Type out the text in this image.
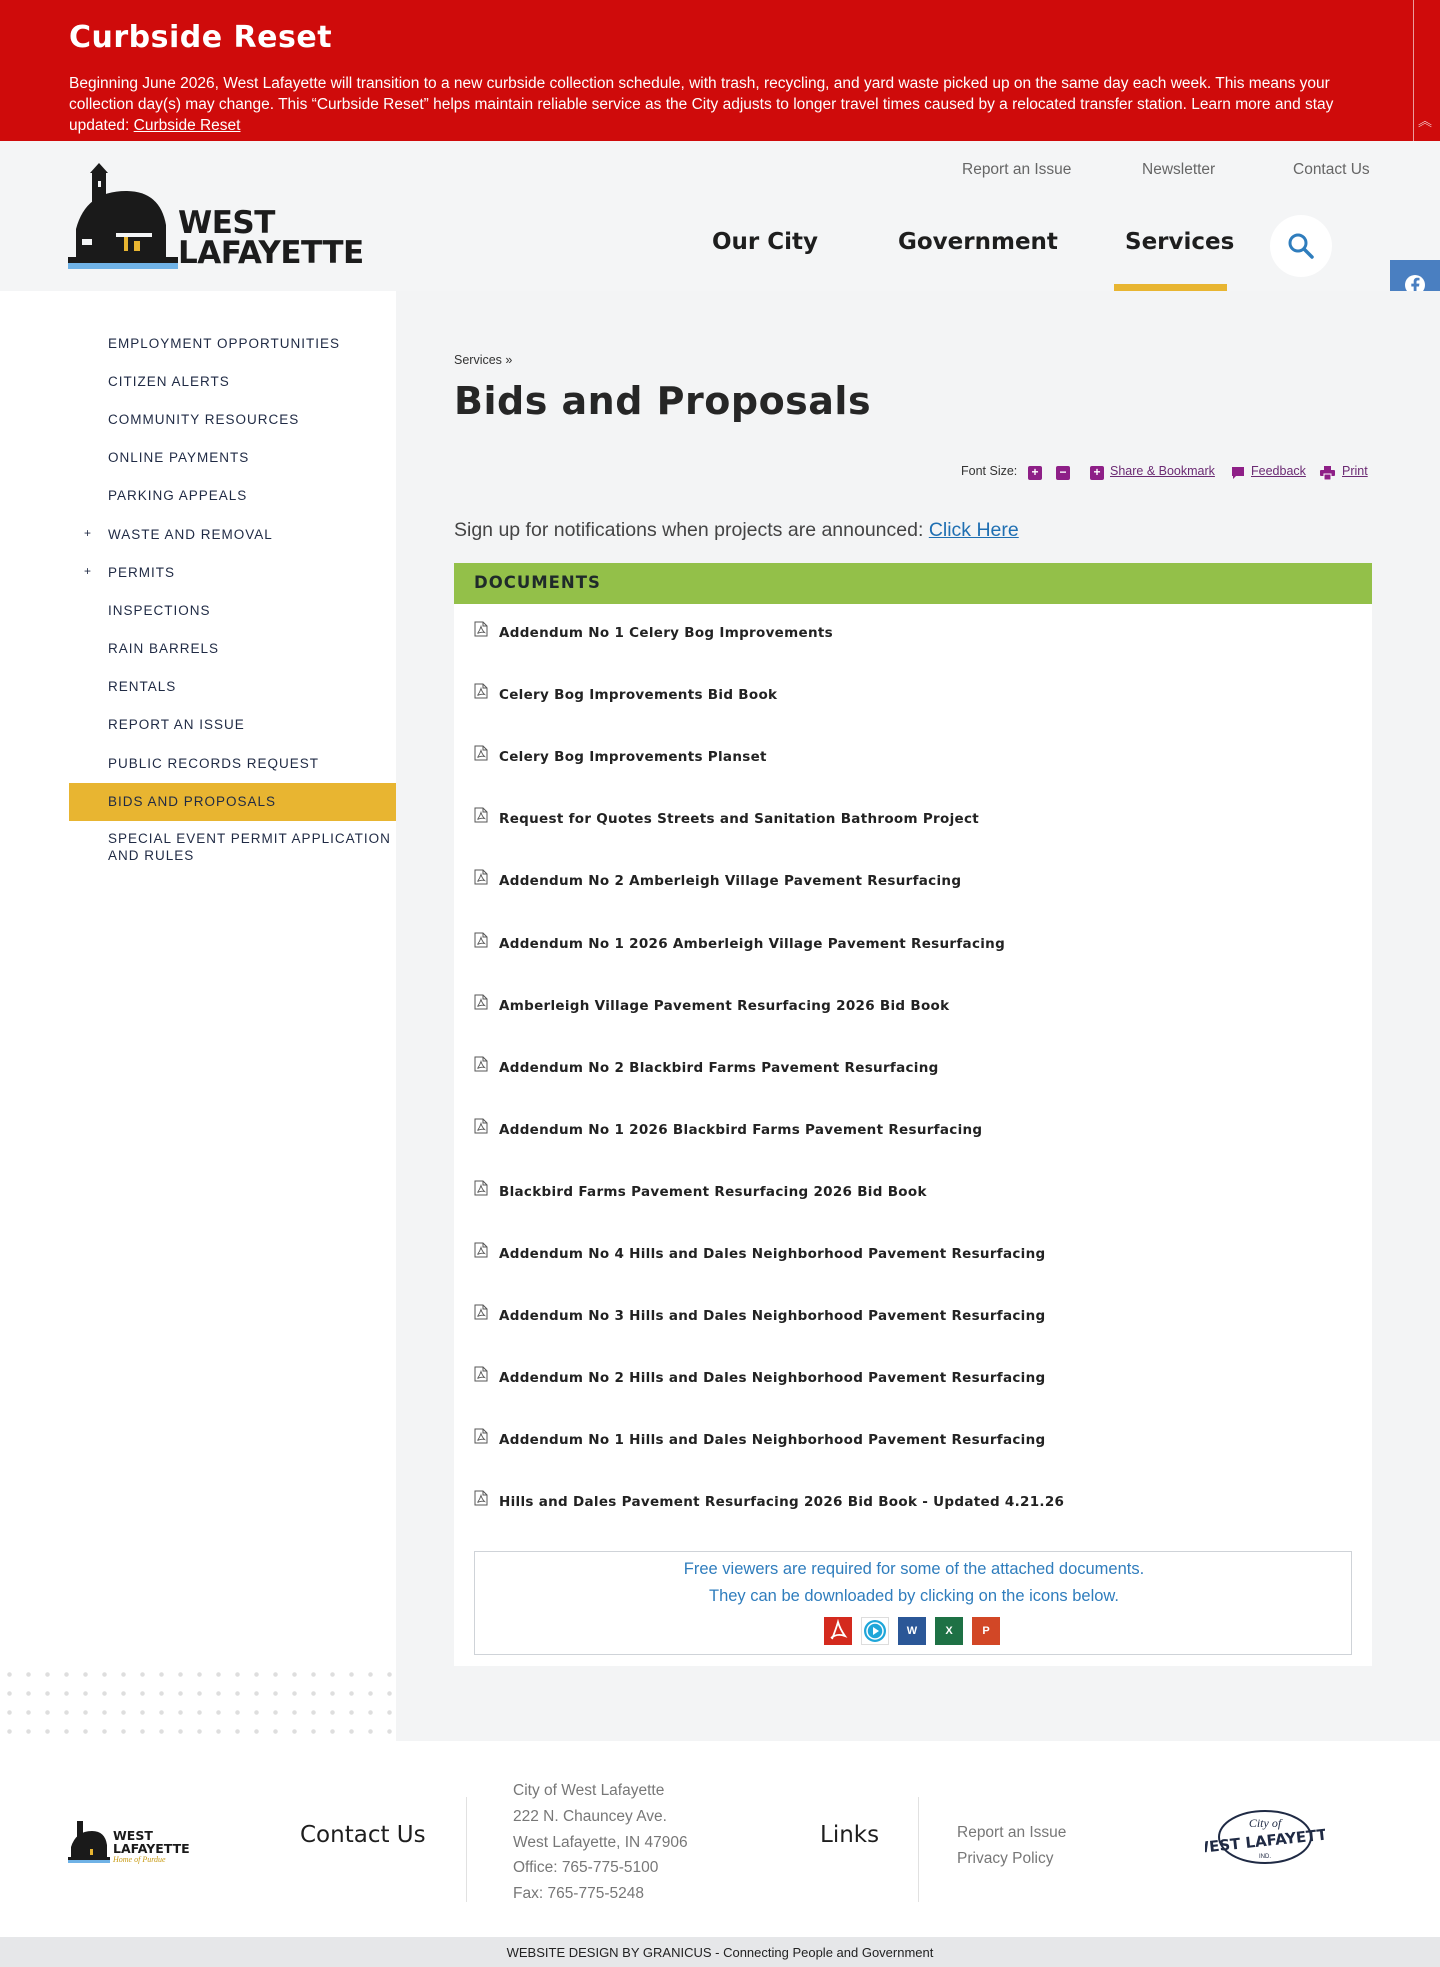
Curbside Reset
Beginning June 2026, West Lafayette will transition to a new curbside collection schedule, with trash, recycling, and yard waste picked up on the same day each week. This means your collection day(s) may change. This “Curbside Reset” helps maintain reliable service as the City adjusts to longer travel times caused by a relocated transfer station. Learn more and stay updated: Curbside Reset	︽
WEST
LAFAYETTE
Report an Issue	Newsletter	Contact Us
Our City	Government	Services
EMPLOYMENT OPPORTUNITIES
CITIZEN ALERTS
COMMUNITY RESOURCES
ONLINE PAYMENTS
PARKING APPEALS
+ WASTE AND REMOVAL
+ PERMITS
INSPECTIONS
RAIN BARRELS
RENTALS
REPORT AN ISSUE
PUBLIC RECORDS REQUEST
BIDS AND PROPOSALS
SPECIAL EVENT PERMIT APPLICATION AND RULES
Services »
Bids and Proposals
Font Size: + − + Share & Bookmark	Feedback	Print
Sign up for notifications when projects are announced: Click Here
DOCUMENTS
Addendum No 1 Celery Bog Improvements
Celery Bog Improvements Bid Book
Celery Bog Improvements Planset
Request for Quotes Streets and Sanitation Bathroom Project
Addendum No 2 Amberleigh Village Pavement Resurfacing
Addendum No 1 2026 Amberleigh Village Pavement Resurfacing
Amberleigh Village Pavement Resurfacing 2026 Bid Book
Addendum No 2 Blackbird Farms Pavement Resurfacing
Addendum No 1 2026 Blackbird Farms Pavement Resurfacing
Blackbird Farms Pavement Resurfacing 2026 Bid Book
Addendum No 4 Hills and Dales Neighborhood Pavement Resurfacing
Addendum No 3 Hills and Dales Neighborhood Pavement Resurfacing
Addendum No 2 Hills and Dales Neighborhood Pavement Resurfacing
Addendum No 1 Hills and Dales Neighborhood Pavement Resurfacing
Hills and Dales Pavement Resurfacing 2026 Bid Book - Updated 4.21.26
Free viewers are required for some of the attached documents.
They can be downloaded by clicking on the icons below.
W	X	P
WEST
LAFAYETTE
Home of Purdue
Contact Us
City of West Lafayette
222 N. Chauncey Ave.
West Lafayette, IN 47906
Office: 765-775-5100
Fax: 765-775-5248
Links	Report an Issue
Privacy Policy
City of
WEST LAFAYETTE
IND.
WEBSITE DESIGN BY GRANICUS - Connecting People and Government
